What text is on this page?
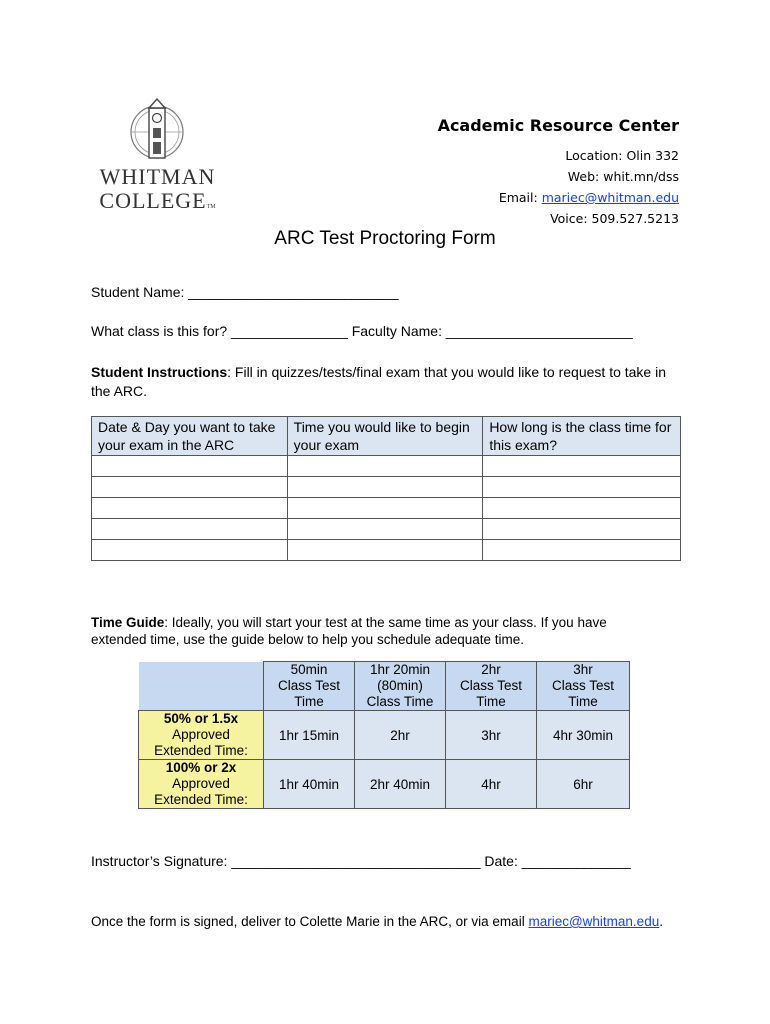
WHITMAN
COLLEGETM
Academic Resource Center
Location: Olin 332
Web: whit.mn/dss
Email: mariec@whitman.edu
Voice: 509.527.5213
ARC Test Proctoring Form
Student Name: ___________________________
What class is this for? _______________ Faculty Name: ________________________
Student Instructions: Fill in quizzes/tests/final exam that you would like to request to take in the ARC.
Date & Day you want to take your exam in the ARC	Time you would like to begin your exam	How long is the class time for this exam?

Time Guide: Ideally, you will start your test at the same time as your class. If you have extended time, use the guide below to help you schedule adequate time.
	50min
Class Test
Time	1hr 20min
(80min)
Class Time	2hr
Class Test
Time	3hr
Class Test
Time
50% or 1.5x
Approved
Extended Time:	1hr 15min	2hr	3hr	4hr 30min
100% or 2x
Approved
Extended Time:	1hr 40min	2hr 40min	4hr	6hr
Instructor’s Signature: ________________________________ Date: ______________
Once the form is signed, deliver to Colette Marie in the ARC, or via email mariec@whitman.edu.
